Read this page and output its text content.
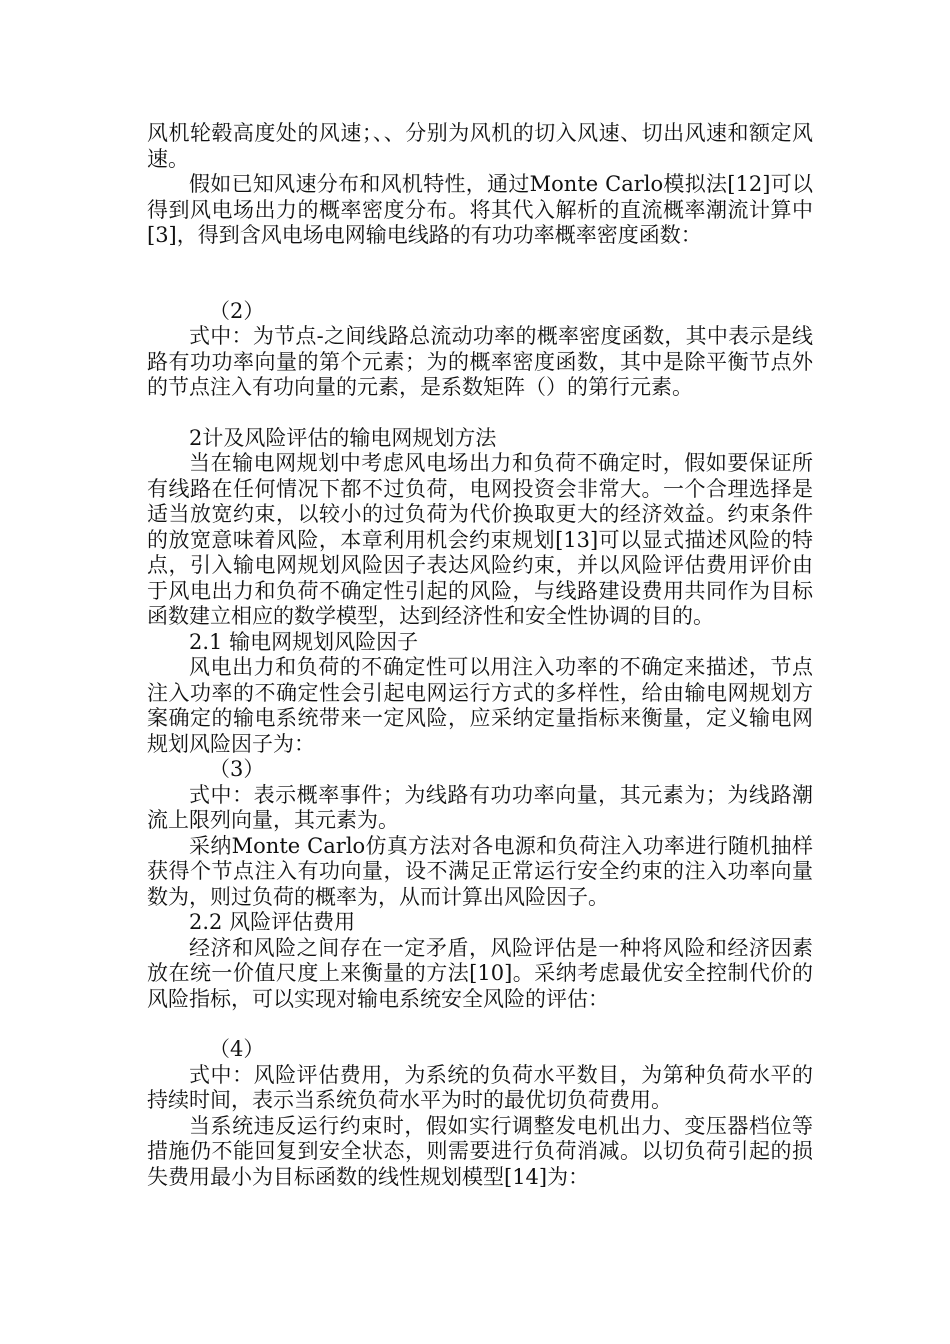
风机轮毂高度处的风速；、、分别为风机的切入风速、切出风速和额定风速。

假如已知风速分布和风机特性，通过Monte Carlo模拟法[12]可以得到风电场出力的概率密度分布。将其代入解析的直流概率潮流计算中[3]，得到含风电场电网输电线路的有功功率概率密度函数：

（2）

式中：为节点-之间线路总流动功率的概率密度函数，其中表示是线路有功功率向量的第个元素；为的概率密度函数，其中是除平衡节点外的节点注入有功向量的元素，是系数矩阵（）的第行元素。

2计及风险评估的输电网规划方法

当在输电网规划中考虑风电场出力和负荷不确定时，假如要保证所有线路在任何情况下都不过负荷，电网投资会非常大。一个合理选择是适当放宽约束，以较小的过负荷为代价换取更大的经济效益。约束条件的放宽意味着风险，本章利用机会约束规划[13]可以显式描述风险的特点，引入输电网规划风险因子表达风险约束，并以风险评估费用评价由于风电出力和负荷不确定性引起的风险，与线路建设费用共同作为目标函数建立相应的数学模型，达到经济性和安全性协调的目的。

2.1 输电网规划风险因子

风电出力和负荷的不确定性可以用注入功率的不确定来描述，节点注入功率的不确定性会引起电网运行方式的多样性，给由输电网规划方案确定的输电系统带来一定风险，应采纳定量指标来衡量，定义输电网规划风险因子为：

（3）

式中：表示概率事件；为线路有功功率向量，其元素为；为线路潮流上限列向量，其元素为。

采纳Monte Carlo仿真方法对各电源和负荷注入功率进行随机抽样获得个节点注入有功向量，设不满足正常运行安全约束的注入功率向量数为，则过负荷的概率为，从而计算出风险因子。

2.2 风险评估费用

经济和风险之间存在一定矛盾，风险评估是一种将风险和经济因素放在统一价值尺度上来衡量的方法[10]。采纳考虑最优安全控制代价的风险指标，可以实现对输电系统安全风险的评估：

（4）

式中：风险评估费用，为系统的负荷水平数目，为第种负荷水平的持续时间，表示当系统负荷水平为时的最优切负荷费用。

当系统违反运行约束时，假如实行调整发电机出力、变压器档位等措施仍不能回复到安全状态，则需要进行负荷消减。以切负荷引起的损失费用最小为目标函数的线性规划模型[14]为：
